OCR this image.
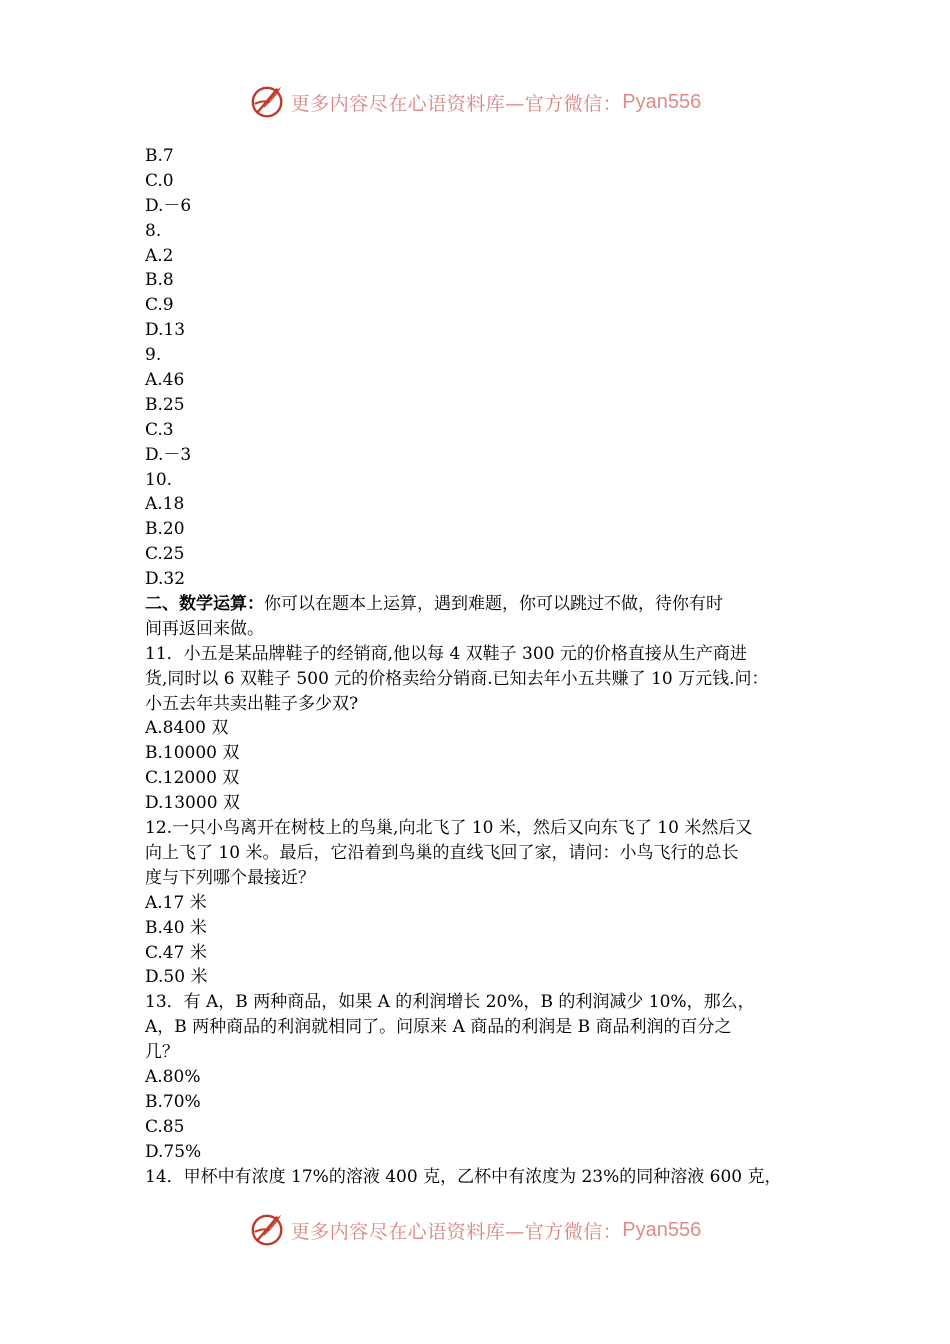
更多内容尽在心语资料库—官方微信： Pyan556
B.7
C.0
D.－6
8.
A.2
B.8
C.9
D.13
9.
A.46
B.25
C.3
D.－3
10.
A.18
B.20
C.25
D.32
二、数学运算：你可以在题本上运算，遇到难题，你可以跳过不做，待你有时
间再返回来做。
11．小五是某品牌鞋子的经销商,他以每 4 双鞋子 300 元的价格直接从生产商进
货,同时以 6 双鞋子 500 元的价格卖给分销商.已知去年小五共赚了 10 万元钱.问：
小五去年共卖出鞋子多少双?
A.8400 双
B.10000 双
C.12000 双
D.13000 双
12.一只小鸟离开在树枝上的鸟巢,向北飞了 10 米，然后又向东飞了 10 米然后又
向上飞了 10 米。最后，它沿着到鸟巢的直线飞回了家，请问：小鸟飞行的总长
度与下列哪个最接近？
A.17 米
B.40 米
C.47 米
D.50 米
13．有 A，B 两种商品，如果 A 的利润增长 20%，B 的利润减少 10%，那么，
A，B 两种商品的利润就相同了。问原来 A 商品的利润是 B 商品利润的百分之
几？
A.80%
B.70%
C.85
D.75%
14．甲杯中有浓度 17%的溶液 400 克，乙杯中有浓度为 23%的同种溶液 600 克，
更多内容尽在心语资料库—官方微信： Pyan556
